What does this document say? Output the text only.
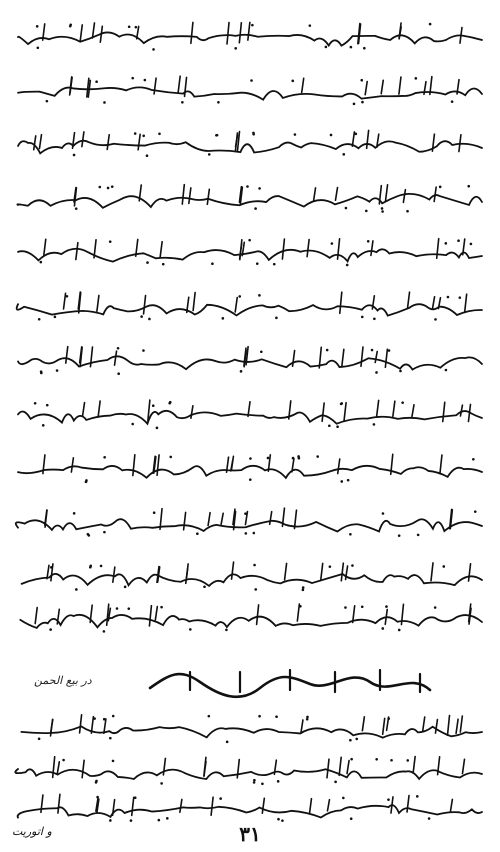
در بیع الحمن
و اتوریت	۳۱
